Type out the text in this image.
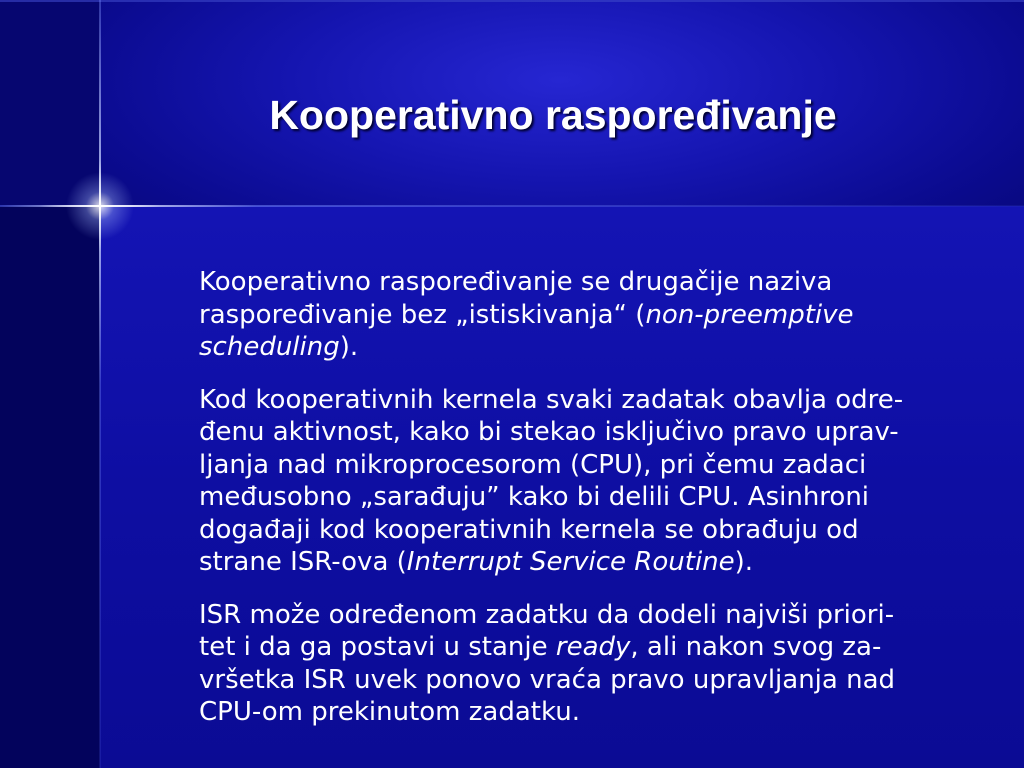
Kooperativno raspoređivanje
Kooperativno raspoređivanje se drugačije naziva
raspoređivanje bez „istiskivanja“ (non-preemptive
scheduling).
Kod kooperativnih kernela svaki zadatak obavlja odre-
đenu aktivnost, kako bi stekao isključivo pravo uprav-
ljanja nad mikroprocesorom (CPU), pri čemu zadaci
međusobno „sarađuju” kako bi delili CPU. Asinhroni
događaji kod kooperativnih kernela se obrađuju od
strane ISR-ova (Interrupt Service Routine).
ISR može određenom zadatku da dodeli najviši priori-
tet i da ga postavi u stanje ready, ali nakon svog za-
vršetka ISR uvek ponovo vraća pravo upravljanja nad
CPU-om prekinutom zadatku.
